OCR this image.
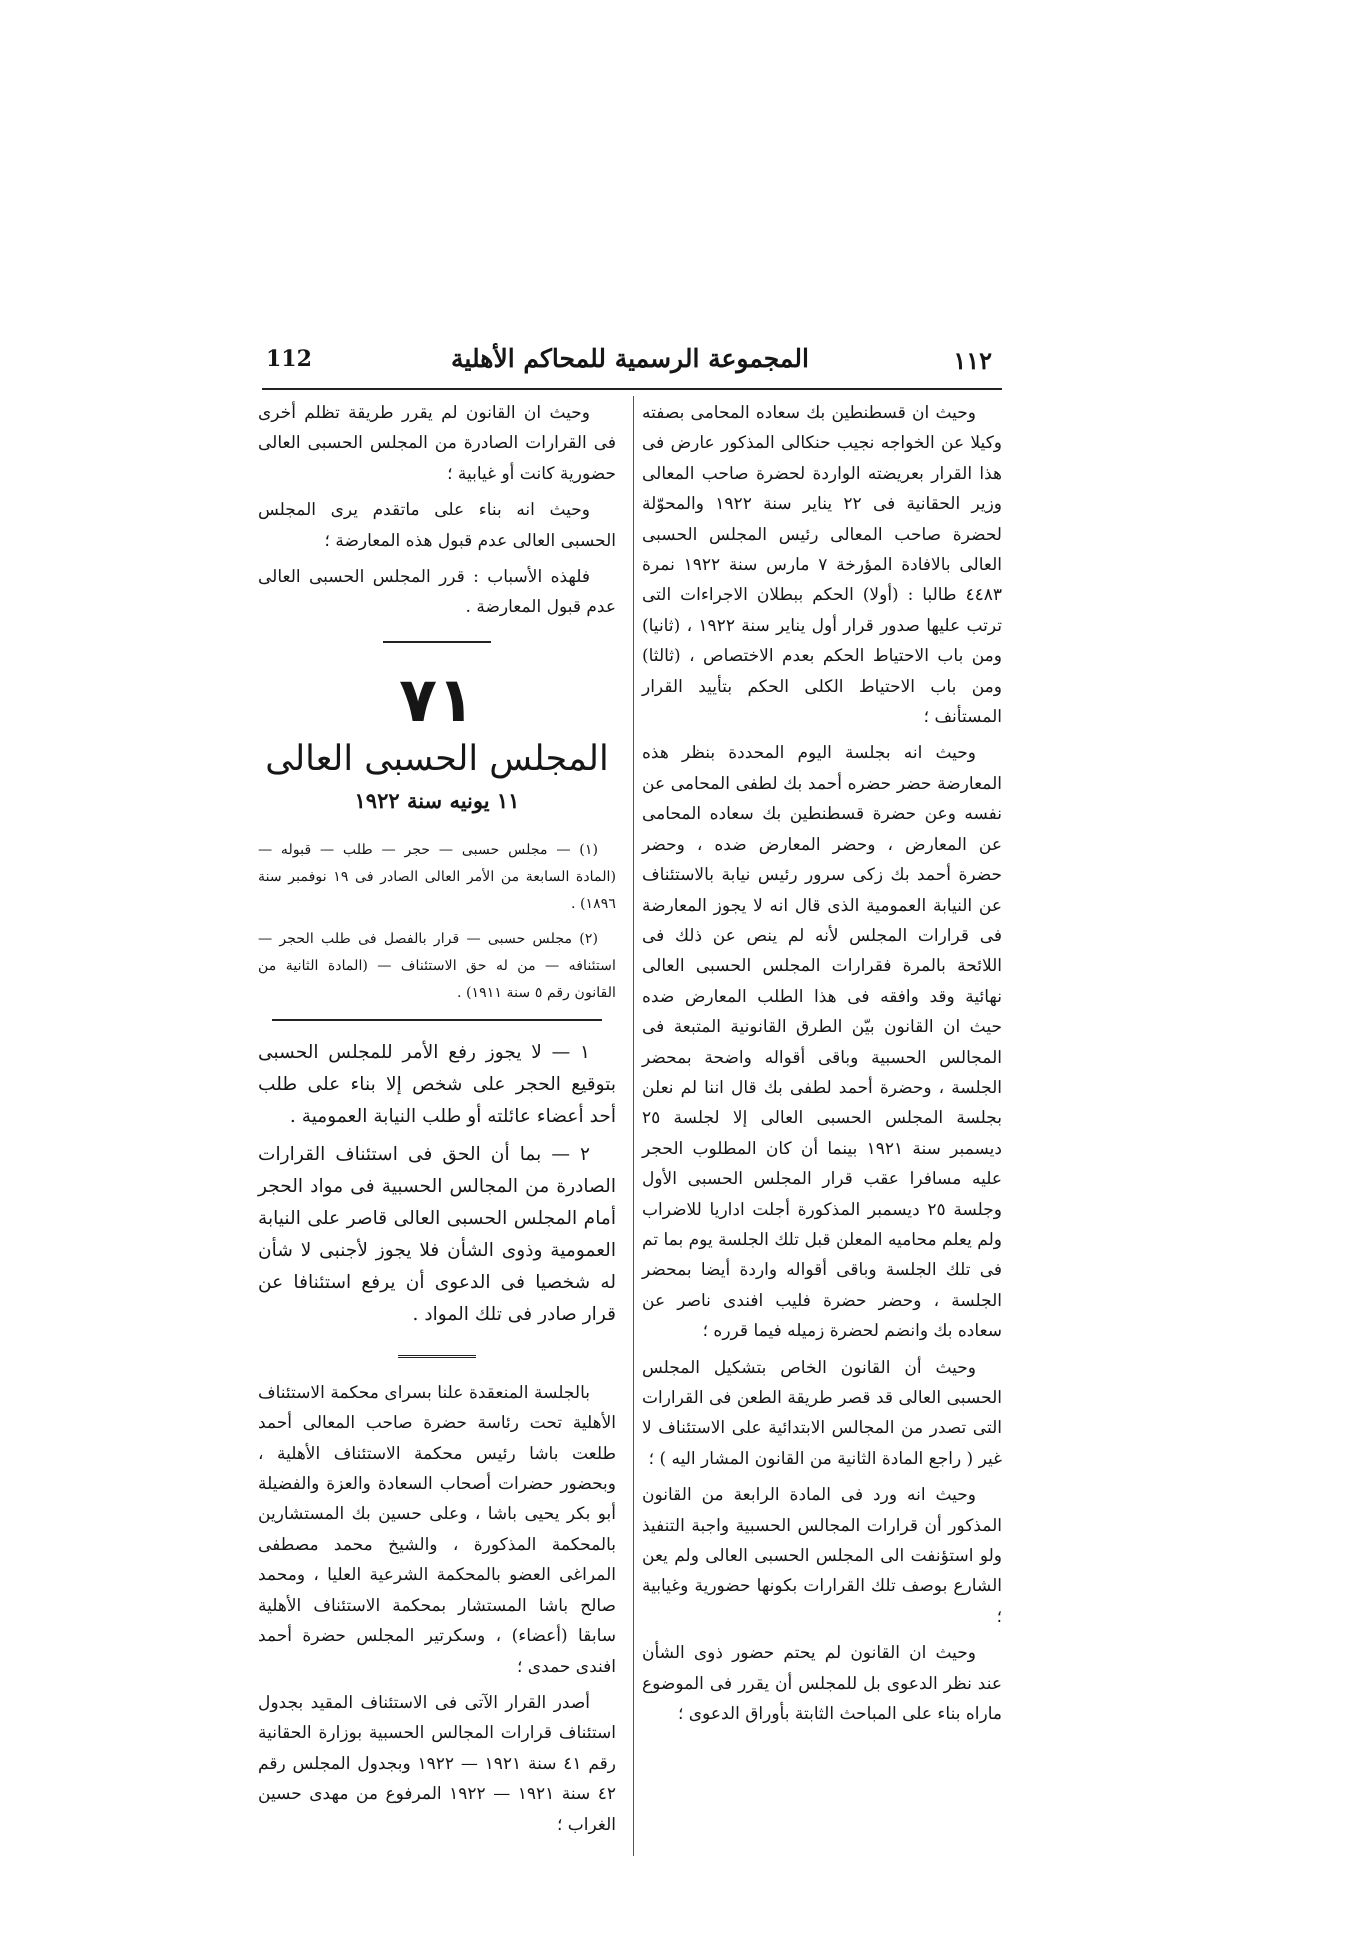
112	المجموعة الرسمية للمحاكم الأهلية	١١٢

وحيث ان قسطنطين بك سعاده المحامى بصفته وكيلا عن الخواجه نجيب حنكالى المذكور عارض فى هذا القرار بعريضته الواردة لحضرة صاحب المعالى وزير الحقانية فى ٢٢ يناير سنة ١٩٢٢ والمحوّلة لحضرة صاحب المعالى رئيس المجلس الحسبى العالى بالافادة المؤرخة ٧ مارس سنة ١٩٢٢ نمرة ٤٤٨٣ طالبا : (أولا) الحكم ببطلان الاجراءات التى ترتب عليها صدور قرار أول يناير سنة ١٩٢٢ ، (ثانيا) ومن باب الاحتياط الحكم بعدم الاختصاص ، (ثالثا) ومن باب الاحتياط الكلى الحكم بتأييد القرار المستأنف ؛

وحيث انه بجلسة اليوم المحددة بنظر هذه المعارضة حضر حضره أحمد بك لطفى المحامى عن نفسه وعن حضرة قسطنطين بك سعاده المحامى عن المعارض ، وحضر المعارض ضده ، وحضر حضرة أحمد بك زكى سرور رئيس نيابة بالاستئناف عن النيابة العمومية الذى قال انه لا يجوز المعارضة فى قرارات المجلس لأنه لم ينص عن ذلك فى اللائحة بالمرة فقرارات المجلس الحسبى العالى نهائية وقد وافقه فى هذا الطلب المعارض ضده حيث ان القانون بيّن الطرق القانونية المتبعة فى المجالس الحسبية وباقى أقواله واضحة بمحضر الجلسة ، وحضرة أحمد لطفى بك قال اننا لم نعلن بجلسة المجلس الحسبى العالى إلا لجلسة ٢٥ ديسمبر سنة ١٩٢١ بينما أن كان المطلوب الحجر عليه مسافرا عقب قرار المجلس الحسبى الأول وجلسة ٢٥ ديسمبر المذكورة أجلت اداريا للاضراب ولم يعلم محاميه المعلن قبل تلك الجلسة يوم بما تم فى تلك الجلسة وباقى أقواله واردة أيضا بمحضر الجلسة ، وحضر حضرة فليب افندى ناصر عن سعاده بك وانضم لحضرة زميله فيما قرره ؛

وحيث أن القانون الخاص بتشكيل المجلس الحسبى العالى قد قصر طريقة الطعن فى القرارات التى تصدر من المجالس الابتدائية على الاستئناف لا غير ( راجع المادة الثانية من القانون المشار اليه ) ؛

وحيث انه ورد فى المادة الرابعة من القانون المذكور أن قرارات المجالس الحسبية واجبة التنفيذ ولو استؤنفت الى المجلس الحسبى العالى ولم يعن الشارع بوصف تلك القرارات بكونها حضورية وغيابية ؛

وحيث ان القانون لم يحتم حضور ذوى الشأن عند نظر الدعوى بل للمجلس أن يقرر فى الموضوع ماراه بناء على المباحث الثابتة بأوراق الدعوى ؛

وحيث ان القانون لم يقرر طريقة تظلم أخرى فى القرارات الصادرة من المجلس الحسبى العالى حضورية كانت أو غيابية ؛

وحيث انه بناء على ماتقدم يرى المجلس الحسبى العالى عدم قبول هذه المعارضة ؛

فلهذه الأسباب : قرر المجلس الحسبى العالى عدم قبول المعارضة .

٧١
المجلس الحسبى العالى
١١ يونيه سنة ١٩٢٢

(١) — مجلس حسبى — حجر — طلب — قبوله — (المادة السابعة من الأمر العالى الصادر فى ١٩ نوفمبر سنة ١٨٩٦) .

(٢) مجلس حسبى — قرار بالفصل فى طلب الحجر — استئنافه — من له حق الاستئناف — (المادة الثانية من القانون رقم ٥ سنة ١٩١١) .

١ — لا يجوز رفع الأمر للمجلس الحسبى بتوقيع الحجر على شخص إلا بناء على طلب أحد أعضاء عائلته أو طلب النيابة العمومية .

٢ — بما أن الحق فى استئناف القرارات الصادرة من المجالس الحسبية فى مواد الحجر أمام المجلس الحسبى العالى قاصر على النيابة العمومية وذوى الشأن فلا يجوز لأجنبى لا شأن له شخصيا فى الدعوى أن يرفع استئنافا عن قرار صادر فى تلك المواد .

بالجلسة المنعقدة علنا بسراى محكمة الاستئناف الأهلية تحت رئاسة حضرة صاحب المعالى أحمد طلعت باشا رئيس محكمة الاستئناف الأهلية ، وبحضور حضرات أصحاب السعادة والعزة والفضيلة أبو بكر يحيى باشا ، وعلى حسين بك المستشارين بالمحكمة المذكورة ، والشيخ محمد مصطفى المراغى العضو بالمحكمة الشرعية العليا ، ومحمد صالح باشا المستشار بمحكمة الاستئناف الأهلية سابقا (أعضاء) ، وسكرتير المجلس حضرة أحمد افندى حمدى ؛

أصدر القرار الآتى فى الاستئناف المقيد بجدول استئناف قرارات المجالس الحسبية بوزارة الحقانية رقم ٤١ سنة ١٩٢١ — ١٩٢٢ وبجدول المجلس رقم ٤٢ سنة ١٩٢١ — ١٩٢٢ المرفوع من مهدى حسين الغراب ؛
